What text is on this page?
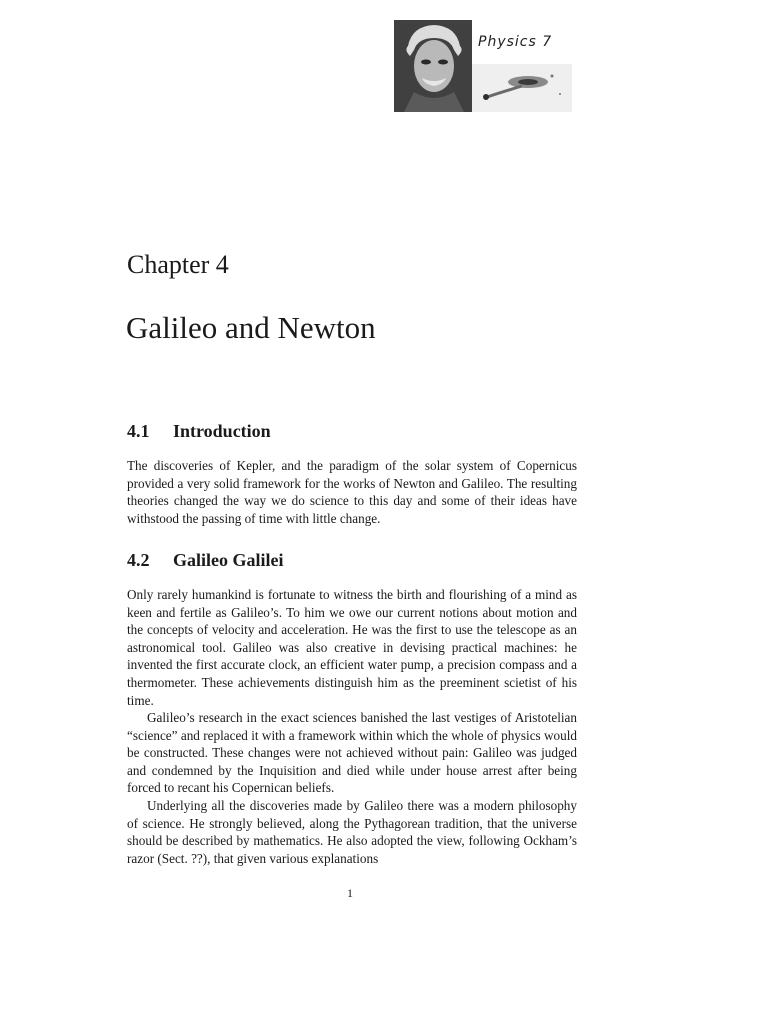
Physics 7
Chapter 4
Galileo and Newton
4.1 Introduction

The discoveries of Kepler, and the paradigm of the solar system of Copernicus provided a very solid framework for the works of Newton and Galileo. The resulting theories changed the way we do science to this day and some of their ideas have withstood the passing of time with little change.

4.2 Galileo Galilei

Only rarely humankind is fortunate to witness the birth and flourishing of a mind as keen and fertile as Galileo’s. To him we owe our current notions about motion and the concepts of velocity and acceleration. He was the first to use the telescope as an astronomical tool. Galileo was also creative in devising practical machines: he invented the first accurate clock, an efficient water pump, a precision compass and a thermometer. These achievements distinguish him as the preeminent scietist of his time.

Galileo’s research in the exact sciences banished the last vestiges of Aristotelian “science” and replaced it with a framework within which the whole of physics would be constructed. These changes were not achieved without pain: Galileo was judged and condemned by the Inquisition and died while under house arrest after being forced to recant his Copernican beliefs.

Underlying all the discoveries made by Galileo there was a modern philosophy of science. He strongly believed, along the Pythagorean tradition, that the universe should be described by mathematics. He also adopted the view, following Ockham’s razor (Sect. ??), that given various explanations

1
